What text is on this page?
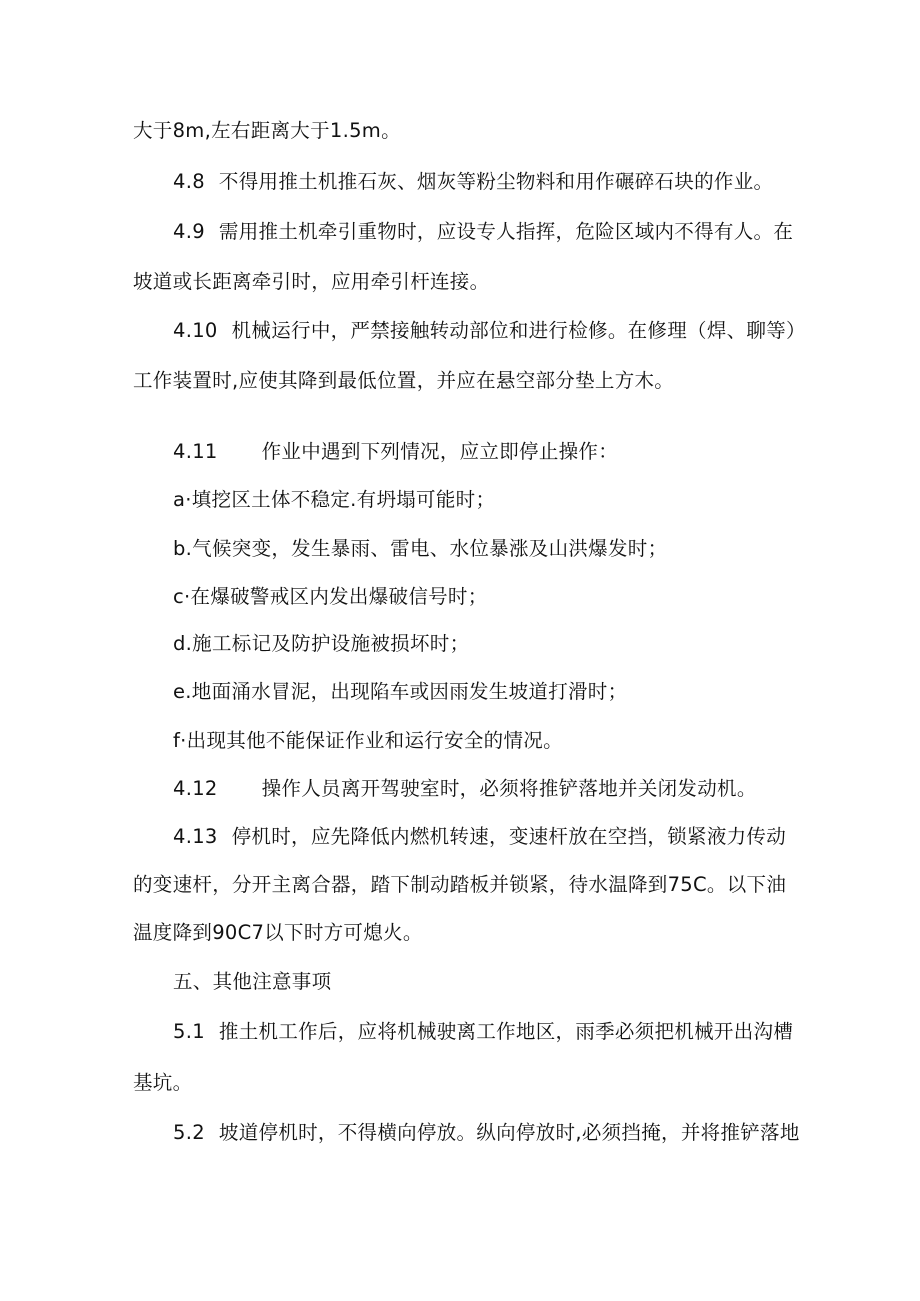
大于8m,左右距离大于1.5m。
4.8 不得用推土机推石灰、烟灰等粉尘物料和用作碾碎石块的作业。
4.9 需用推土机牵引重物时，应设专人指挥，危险区域内不得有人。在
坡道或长距离牵引时，应用牵引杆连接。
4.10 机械运行中，严禁接触转动部位和进行检修。在修理（焊、聊等）
工作装置时,应使其降到最低位置，并应在悬空部分垫上方木。
4.11 作业中遇到下列情况，应立即停止操作：
a·填挖区土体不稳定.有坍塌可能时；
b.气候突变，发生暴雨、雷电、水位暴涨及山洪爆发时；
c·在爆破警戒区内发出爆破信号时；
d.施工标记及防护设施被损坏时；
e.地面涌水冒泥，出现陷车或因雨发生坡道打滑时；
f·出现其他不能保证作业和运行安全的情况。
4.12 操作人员离开驾驶室时，必须将推铲落地并关闭发动机。
4.13 停机时，应先降低内燃机转速，变速杆放在空挡，锁紧液力传动
的变速杆，分开主离合器，踏下制动踏板并锁紧，待水温降到75C。以下油
温度降到90C7以下时方可熄火。
五、其他注意事项
5.1 推土机工作后，应将机械驶离工作地区，雨季必须把机械开出沟槽
基坑。
5.2 坡道停机时，不得横向停放。纵向停放时,必须挡掩，并将推铲落地
